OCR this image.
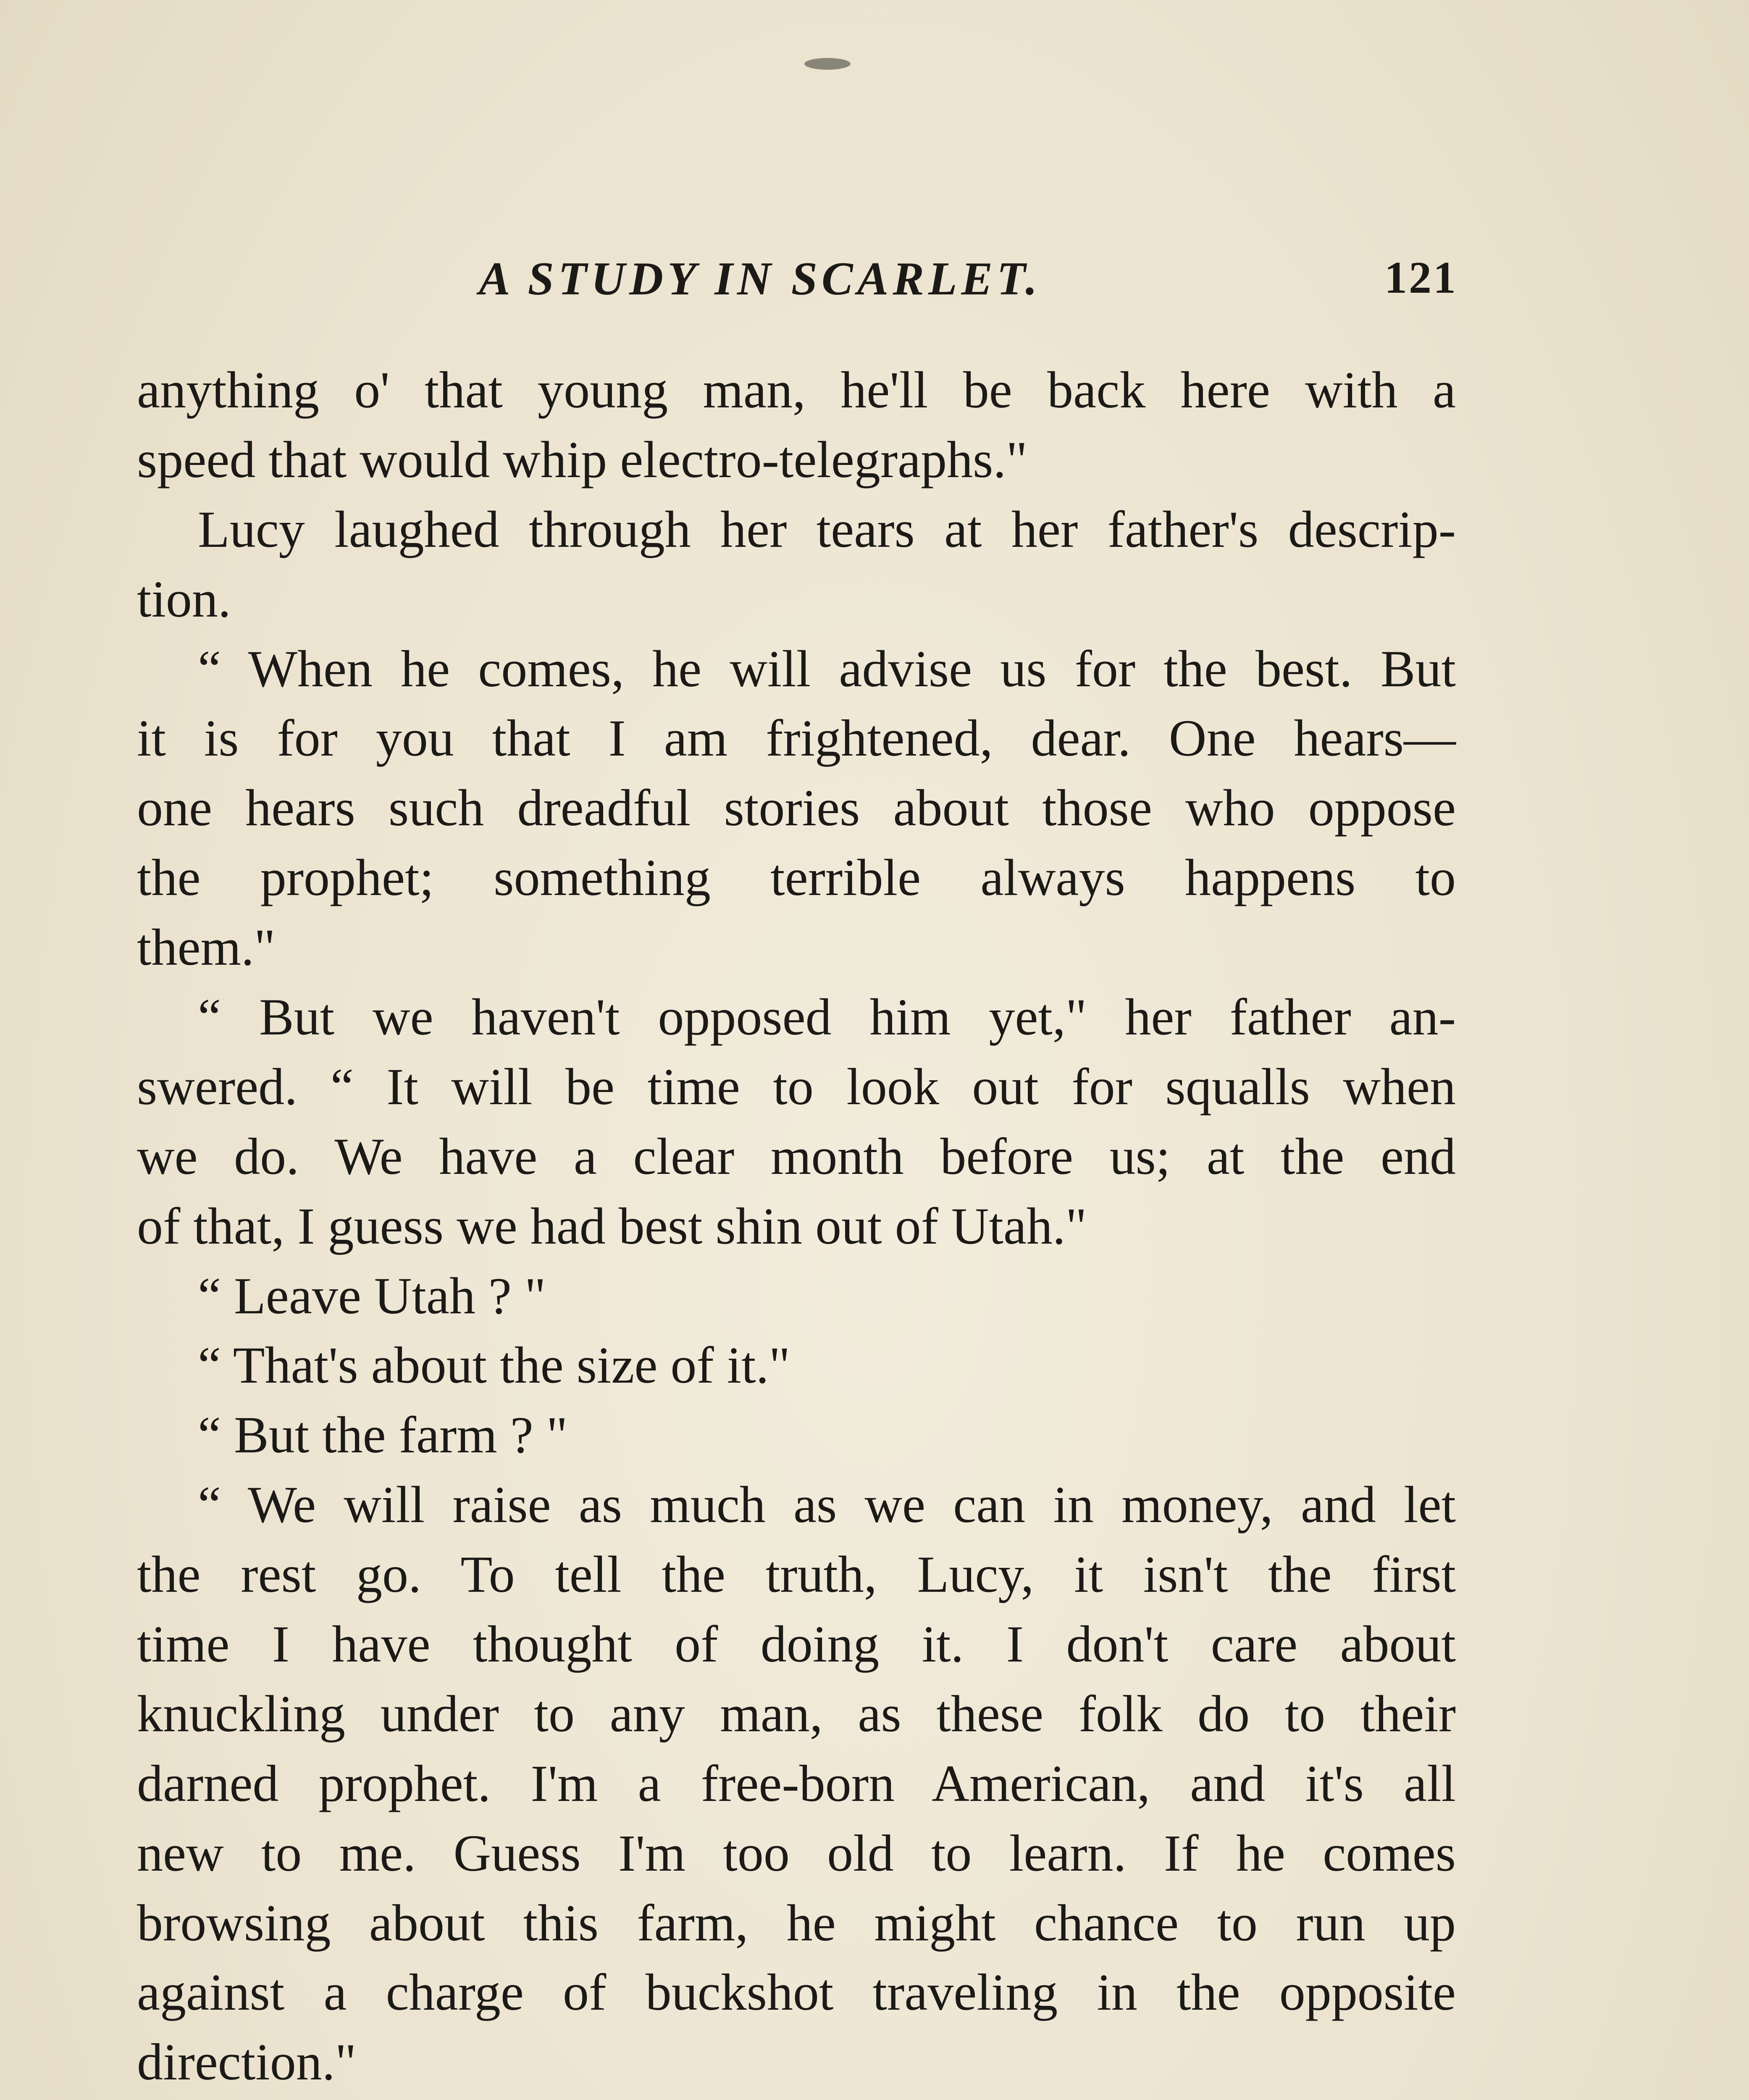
A STUDY IN SCARLET.	121
anything o' that young man, he'll be back here with a
speed that would whip electro-telegraphs."
Lucy laughed through her tears at her father's descrip-
tion.
“ When he comes, he will advise us for the best. But
it is for you that I am frightened, dear. One hears—
one hears such dreadful stories about those who oppose
the prophet; something terrible always happens to
them."
“ But we haven't opposed him yet," her father an-
swered. “ It will be time to look out for squalls when
we do. We have a clear month before us; at the end
of that, I guess we had best shin out of Utah."
“ Leave Utah ? "
“ That's about the size of it."
“ But the farm ? "
“ We will raise as much as we can in money, and let
the rest go. To tell the truth, Lucy, it isn't the first
time I have thought of doing it. I don't care about
knuckling under to any man, as these folk do to their
darned prophet. I'm a free-born American, and it's all
new to me. Guess I'm too old to learn. If he comes
browsing about this farm, he might chance to run up
against a charge of buckshot traveling in the opposite
direction."
